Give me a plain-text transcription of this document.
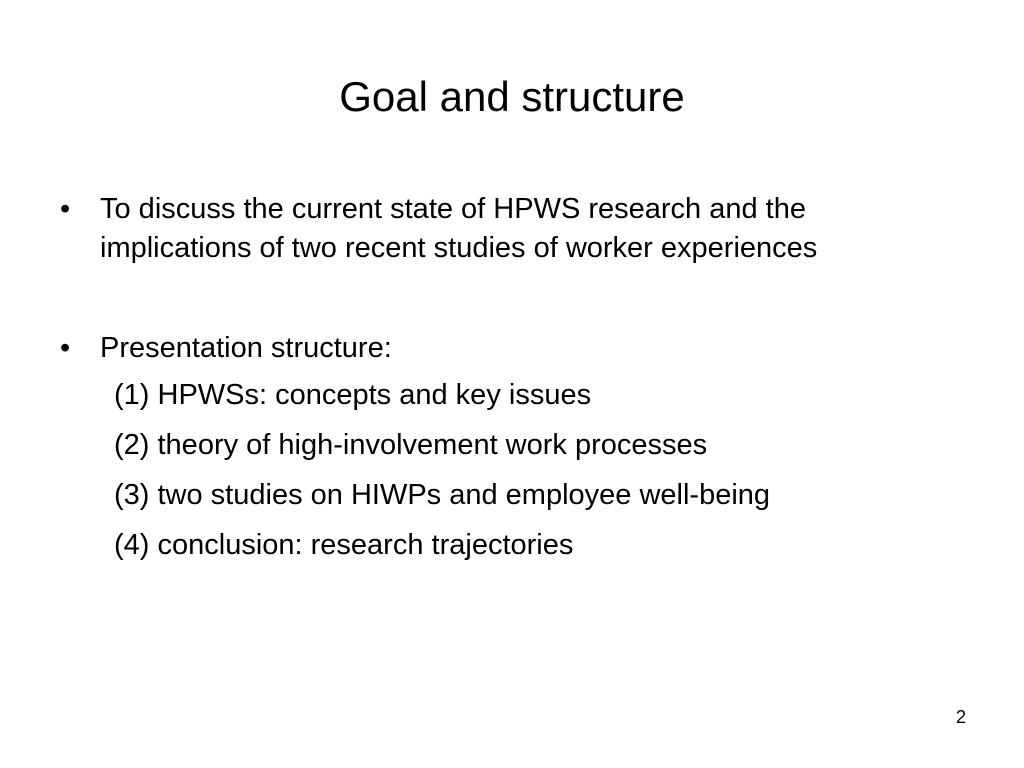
Goal and structure
• To discuss the current state of HPWS research and the implications of two recent studies of worker experiences
• Presentation structure:
(1) HPWSs: concepts and key issues
(2) theory of high-involvement work processes
(3) two studies on HIWPs and employee well-being
(4) conclusion: research trajectories
2
